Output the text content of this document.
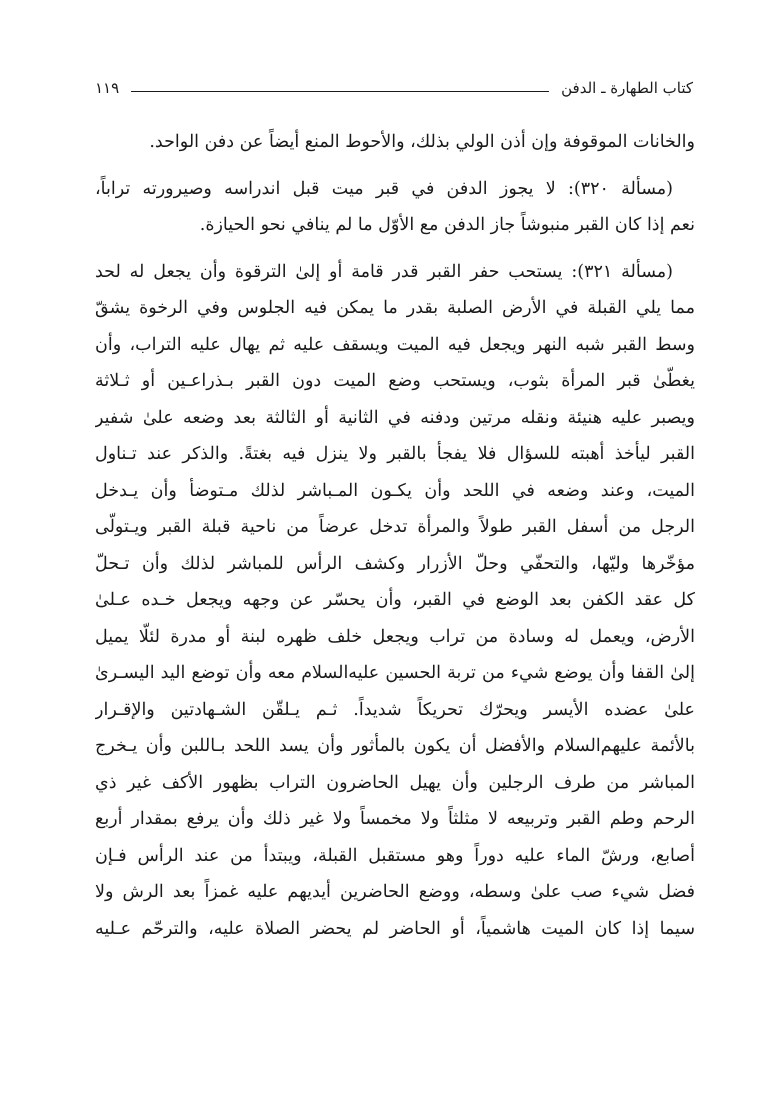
كتاب الطهارة ـ الدفن
١١٩

والخانات الموقوفة وإن أذن الولي بذلك، والأحوط المنع أيضاً عن دفن الواحد.

(مسألة ٣٢٠): لا يجوز الدفن في قبر ميت قبل اندراسه وصيرورته تراباً،
نعم إذا كان القبر منبوشاً جاز الدفن مع الأوّل ما لم ينافي نحو الحيازة.

(مسألة ٣٢١): يستحب حفر القبر قدر قامة أو إلىٰ الترقوة وأن يجعل له لحد
مما يلي القبلة في الأرض الصلبة بقدر ما يمكن فيه الجلوس وفي الرخوة يشقّ
وسط القبر شبه النهر ويجعل فيه الميت ويسقف عليه ثم يهال عليه التراب، وأن
يغطّىٰ قبر المرأة بثوب، ويستحب وضع الميت دون القبر بـذراعـين أو ثـلاثة
ويصبر عليه هنيئة ونقله مرتين ودفنه في الثانية أو الثالثة بعد وضعه علىٰ شفير
القبر ليأخذ أهبته للسؤال فلا يفجأ بالقبر ولا ينزل فيه بغتةً. والذكر عند تـناول
الميت، وعند وضعه في اللحد وأن يكـون المـباشر لذلك مـتوضأ وأن يـدخل
الرجل من أسفل القبر طولاً والمرأة تدخل عرضاً من ناحية قبلة القبر ويـتولّى
مؤخّرها وليّها، والتحفّي وحلّ الأزرار وكشف الرأس للمباشر لذلك وأن تـحلّ
كل عقد الكفن بعد الوضع في القبر، وأن يحسّر عن وجهه ويجعل خـده عـلىٰ
الأرض، ويعمل له وسادة من تراب ويجعل خلف ظهره لبنة أو مدرة لئلّا يميل
إلىٰ القفا وأن يوضع شيء من تربة الحسين عليه‌السلام معه وأن توضع اليد اليسـرىٰ
علىٰ عضده الأيسر ويحرّك تحريكاً شديداً. ثـم يـلقّن الشـهادتين والإقـرار
بالأئمة عليهم‌السلام والأفضل أن يكون بالمأثور وأن يسد اللحد بـاللبن وأن يـخرج
المباشر من طرف الرجلين وأن يهيل الحاضرون التراب بظهور الأكف غير ذي
الرحم وطم القبر وتربيعه لا مثلثاً ولا مخمساً ولا غير ذلك وأن يرفع بمقدار أربع
أصابع، ورشّ الماء عليه دوراً وهو مستقبل القبلة، ويبتدأ من عند الرأس فـإن
فضل شيء صب علىٰ وسطه، ووضع الحاضرين أيديهم عليه غمزاً بعد الرش ولا
سيما إذا كان الميت هاشمياً، أو الحاضر لم يحضر الصلاة عليه، والترحّم عـليه
